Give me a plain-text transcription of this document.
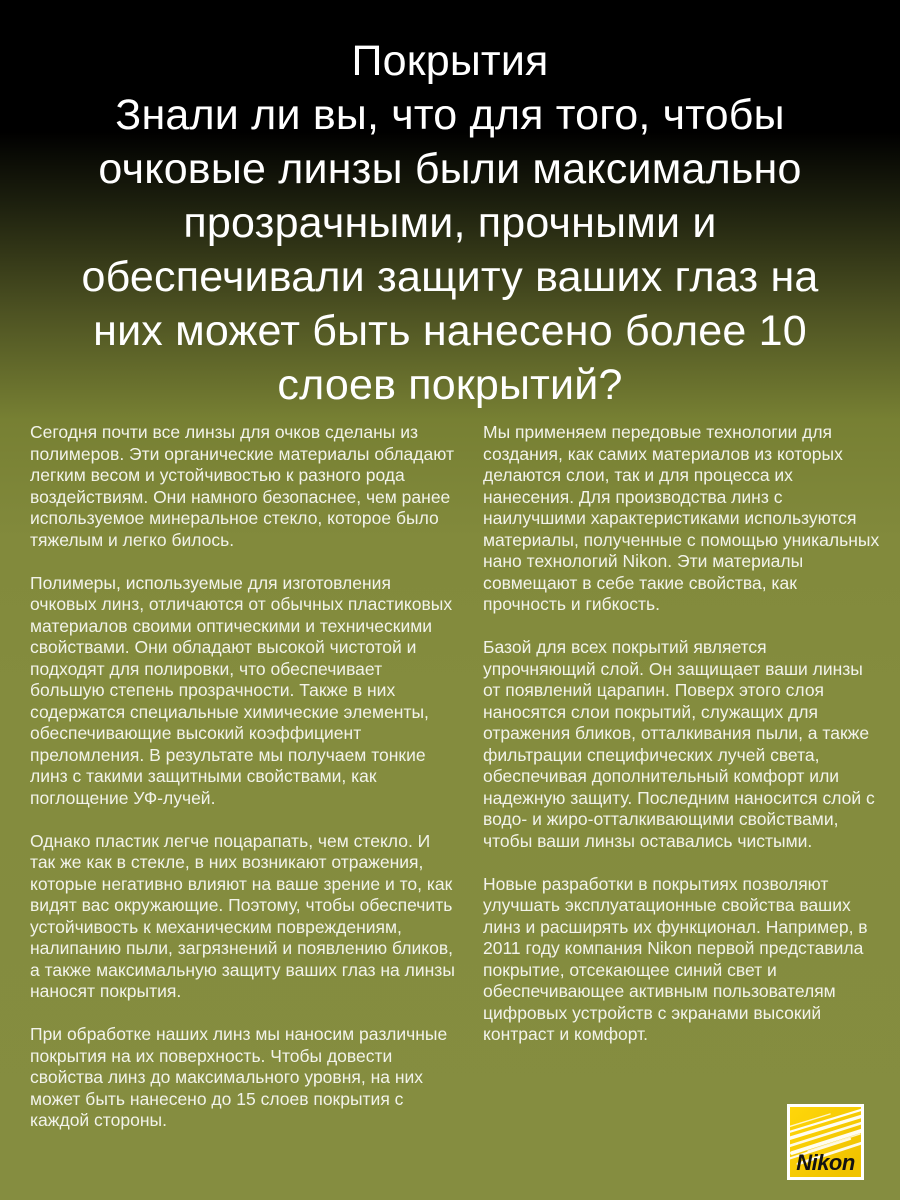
Покрытия
Знали ли вы, что для того, чтобы
очковые линзы были максимально
прозрачными, прочными и
обеспечивали защиту ваших глаз на
них может быть нанесено более 10
слоев покрытий?

Сегодня почти все линзы для очков сделаны из полимеров. Эти органические материалы обладают легким весом и устойчивостью к разного рода воздействиям. Они намного безопаснее, чем ранее используемое минеральное стекло, которое было тяжелым и легко билось.

Полимеры, используемые для изготовления очковых линз, отличаются от обычных пластиковых материалов своими оптическими и техническими свойствами. Они обладают высокой чистотой и подходят для полировки, что обеспечивает большую степень прозрачности. Также в них содержатся специальные химические элементы, обеспечивающие высокий коэффициент преломления. В результате мы получаем тонкие линз с такими защитными свойствами, как поглощение УФ-лучей.

Однако пластик легче поцарапать, чем стекло. И так же как в стекле, в них возникают отражения, которые негативно влияют на ваше зрение и то, как видят вас окружающие. Поэтому, чтобы обеспечить устойчивость к механическим повреждениям, налипанию пыли, загрязнений и появлению бликов, а также максимальную защиту ваших глаз на линзы наносят покрытия.

При обработке наших линз мы наносим различные покрытия на их поверхность. Чтобы довести свойства линз до максимального уровня, на них может быть нанесено до 15 слоев покрытия с каждой стороны.

Мы применяем передовые технологии для создания, как самих материалов из которых делаются слои, так и для процесса их нанесения. Для производства линз с наилучшими характеристиками используются материалы, полученные с помощью уникальных нано технологий Nikon. Эти материалы совмещают в себе такие свойства, как прочность и гибкость.

Базой для всех покрытий является упрочняющий слой. Он защищает ваши линзы от появлений царапин. Поверх этого слоя наносятся слои покрытий, служащих для отражения бликов, отталкивания пыли, а также фильтрации специфических лучей света, обеспечивая дополнительный комфорт или надежную защиту. Последним наносится слой с водо- и жиро-отталкивающими свойствами, чтобы ваши линзы оставались чистыми.

Новые разработки в покрытиях позволяют улучшать эксплуатационные свойства ваших линз и расширять их функционал. Например, в 2011 году компания Nikon первой представила покрытие, отсекающее синий свет и обеспечивающее активным пользователям цифровых устройств с экранами высокий контраст и комфорт.

Nikon
